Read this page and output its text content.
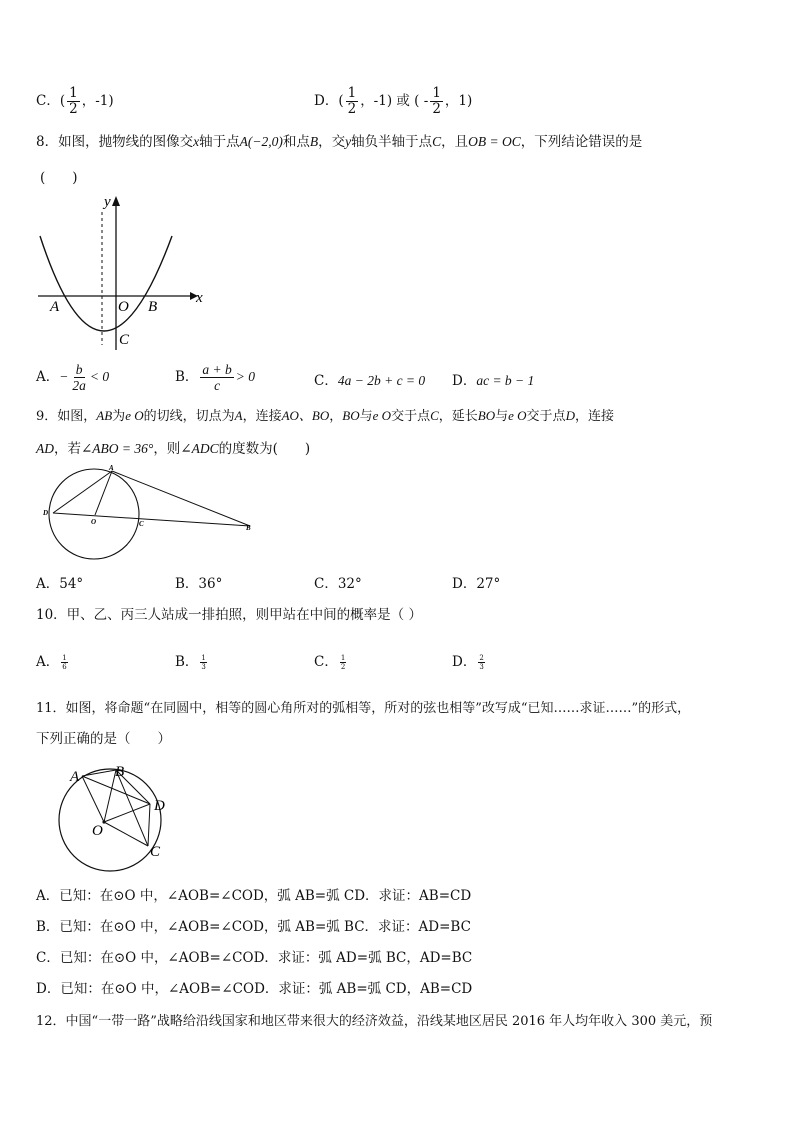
C．( $\frac{1}{2}$ ，-1)	D．( $\frac{1}{2}$ ，-1) 或 ( - $\frac{1}{2}$ ，1)
8．如图，抛物线的图像交x轴于点A(−2,0)和点B，交y轴负半轴于点C，且OB = OC，下列结论错误的是
(　　)
y
x
A	O B
C
A．− $\frac{b}{2a} < 0$	B． $\frac{a + b}{c} > 0$	C．4a − 2b + c = 0 D．ac = b − 1
9．如图，AB为e O的切线，切点为A，连接AO、BO，BO与e O交于点C，延长BO与e O交于点D，连接
AD，若∠ABO = 36°，则∠ADC的度数为(　　)
A
D
O	C	B
A．54°	B．36°	C．32°	D．27°
10．甲、乙、丙三人站成一排拍照，则甲站在中间的概率是（ ）
A． $\frac{1}{6}$	B． $\frac{1}{3}$	C． $\frac{1}{2}$	D． $\frac{2}{3}$
11．如图，将命题“在同圆中，相等的圆心角所对的弧相等，所对的弦也相等”改写成“已知……求证……”的形式，
下列正确的是（　　）
A B
D
O
C
A．已知：在⊙O 中，∠AOB=∠COD，弧 AB=弧 CD．求证：AB=CD
B．已知：在⊙O 中，∠AOB=∠COD，弧 AB=弧 BC．求证：AD=BC
C．已知：在⊙O 中，∠AOB=∠COD．求证：弧 AD=弧 BC，AD=BC
D．已知：在⊙O 中，∠AOB=∠COD．求证：弧 AB=弧 CD，AB=CD
12．中国“一带一路”战略给沿线国家和地区带来很大的经济效益，沿线某地区居民 2016 年人均年收入 300 美元，预
